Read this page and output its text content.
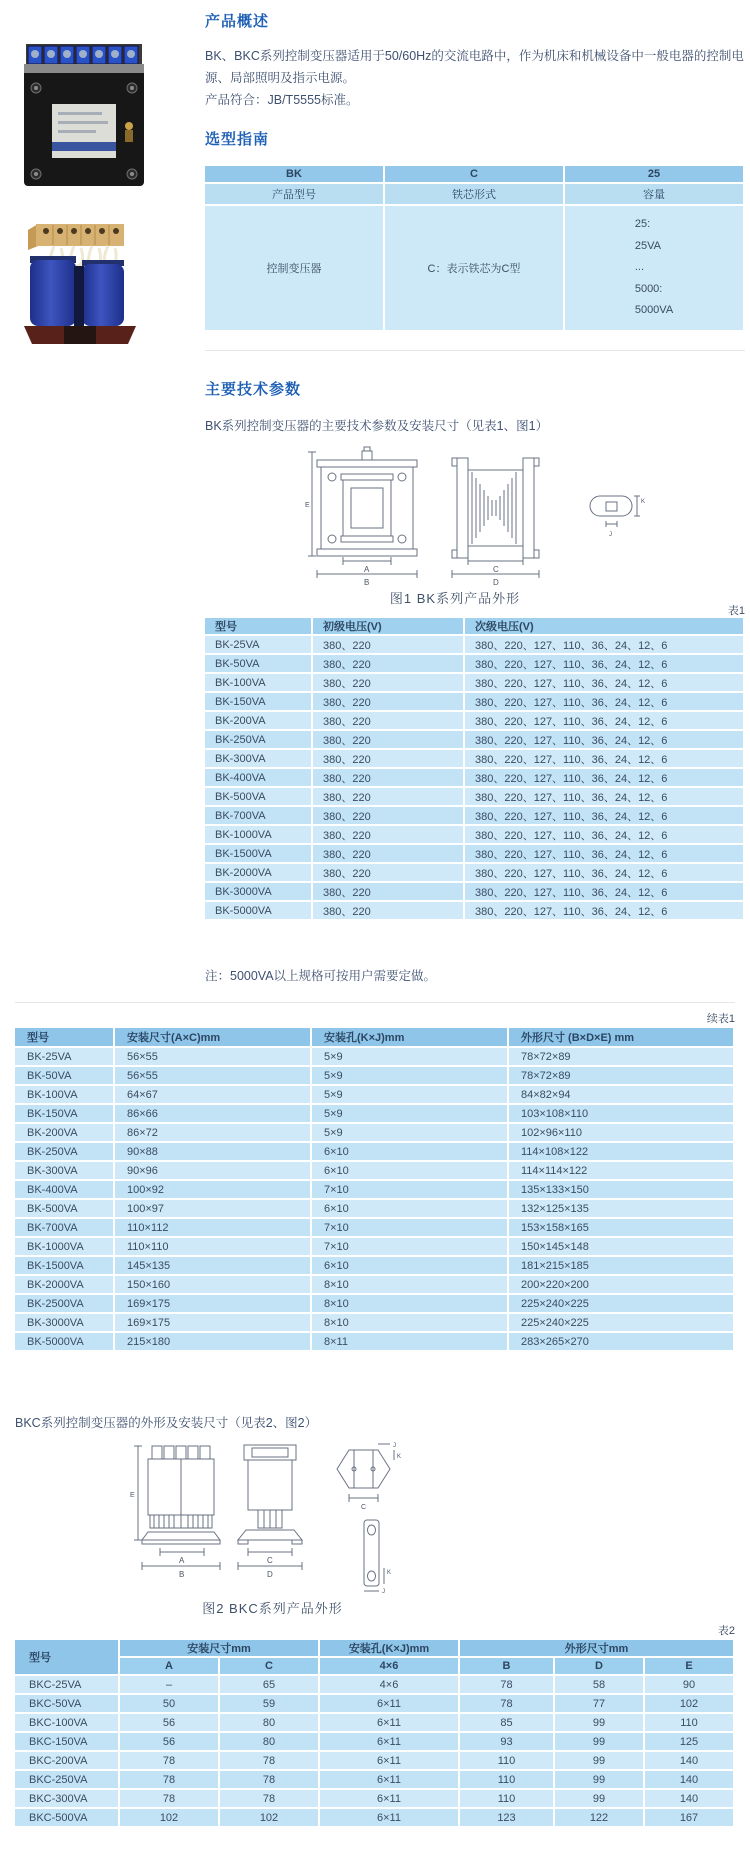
产品概述

BK、BKC系列控制变压器适用于50/60Hz的交流电路中，作为机床和机械设备中一般电器的控制电源、局部照明及指示电源。

产品符合：JB/T5555标准。

选型指南
BK	C	25
产品型号	铁芯形式	容量
控制变压器	C：表示铁芯为C型	25:
25VA
...
5000:
5000VA
主要技术参数

BK系列控制变压器的主要技术参数及安装尺寸（见表1、图1）

A
B
E
C
D
K
J
图1 BK系列产品外形
表1
型号	初级电压(V)	次级电压(V)
BK-25VA	380、220	380、220、127、110、36、24、12、6
BK-50VA	380、220	380、220、127、110、36、24、12、6
BK-100VA	380、220	380、220、127、110、36、24、12、6
BK-150VA	380、220	380、220、127、110、36、24、12、6
BK-200VA	380、220	380、220、127、110、36、24、12、6
BK-250VA	380、220	380、220、127、110、36、24、12、6
BK-300VA	380、220	380、220、127、110、36、24、12、6
BK-400VA	380、220	380、220、127、110、36、24、12、6
BK-500VA	380、220	380、220、127、110、36、24、12、6
BK-700VA	380、220	380、220、127、110、36、24、12、6
BK-1000VA	380、220	380、220、127、110、36、24、12、6
BK-1500VA	380、220	380、220、127、110、36、24、12、6
BK-2000VA	380、220	380、220、127、110、36、24、12、6
BK-3000VA	380、220	380、220、127、110、36、24、12、6
BK-5000VA	380、220	380、220、127、110、36、24、12、6

注：5000VA以上规格可按用户需要定做。

续表1
型号	安装尺寸(A×C)mm	安装孔(K×J)mm	外形尺寸 (B×D×E) mm
BK-25VA	56×55	5×9	78×72×89
BK-50VA	56×55	5×9	78×72×89
BK-100VA	64×67	5×9	84×82×94
BK-150VA	86×66	5×9	103×108×110
BK-200VA	86×72	5×9	102×96×110
BK-250VA	90×88	6×10	114×108×122
BK-300VA	90×96	6×10	114×114×122
BK-400VA	100×92	7×10	135×133×150
BK-500VA	100×97	6×10	132×125×135
BK-700VA	110×112	7×10	153×158×165
BK-1000VA	110×110	7×10	150×145×148
BK-1500VA	145×135	6×10	181×215×185
BK-2000VA	150×160	8×10	200×220×200
BK-2500VA	169×175	8×10	225×240×225
BK-3000VA	169×175	8×10	225×240×225
BK-5000VA	215×180	8×11	283×265×270

BKC系列控制变压器的外形及安装尺寸（见表2、图2）

E
A
B
C
D
J
K
C
K
J
图2 BKC系列产品外形
表2
型号	安装尺寸mm		安装孔(K×J)mm	外形尺寸mm		
	A	C	4×6	B	D	E
BKC-25VA	–	65	4×6	78	58	90
BKC-50VA	50	59	6×11	78	77	102
BKC-100VA	56	80	6×11	85	99	110
BKC-150VA	56	80	6×11	93	99	125
BKC-200VA	78	78	6×11	110	99	140
BKC-250VA	78	78	6×11	110	99	140
BKC-300VA	78	78	6×11	110	99	140
BKC-500VA	102	102	6×11	123	122	167
